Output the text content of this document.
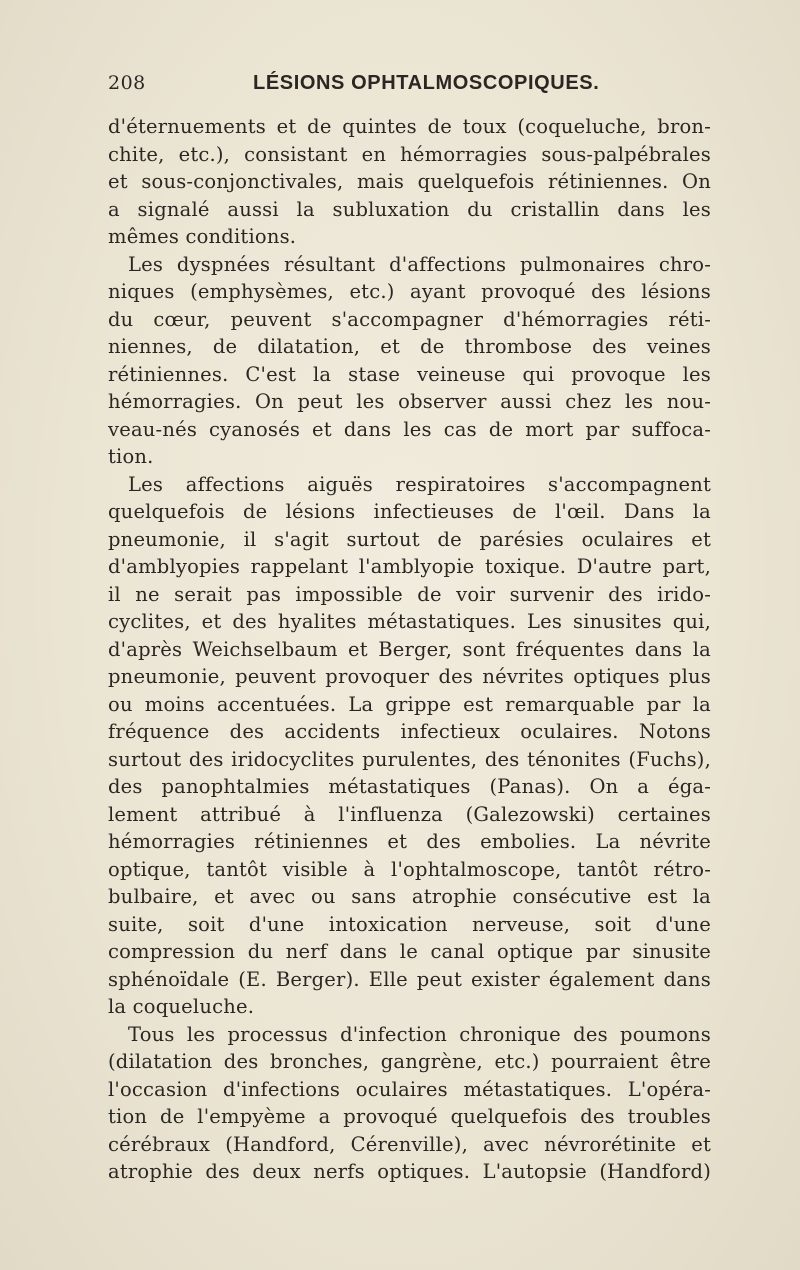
208	LÉSIONS OPHTALMOSCOPIQUES.

d'éternuements et de quintes de toux (coqueluche, bron-
chite, etc.), consistant en hémorragies sous-palpébrales
et sous-conjonctivales, mais quelquefois rétiniennes. On
a signalé aussi la subluxation du cristallin dans les
mêmes conditions.

Les dyspnées résultant d'affections pulmonaires chro-
niques (emphysèmes, etc.) ayant provoqué des lésions
du cœur, peuvent s'accompagner d'hémorragies réti-
niennes, de dilatation, et de thrombose des veines
rétiniennes. C'est la stase veineuse qui provoque les
hémorragies. On peut les observer aussi chez les nou-
veau-nés cyanosés et dans les cas de mort par suffoca-
tion.

Les affections aiguës respiratoires s'accompagnent
quelquefois de lésions infectieuses de l'œil. Dans la
pneumonie, il s'agit surtout de parésies oculaires et
d'amblyopies rappelant l'amblyopie toxique. D'autre part,
il ne serait pas impossible de voir survenir des irido-
cyclites, et des hyalites métastatiques. Les sinusites qui,
d'après Weichselbaum et Berger, sont fréquentes dans la
pneumonie, peuvent provoquer des névrites optiques plus
ou moins accentuées. La grippe est remarquable par la
fréquence des accidents infectieux oculaires. Notons
surtout des iridocyclites purulentes, des ténonites (Fuchs),
des panophtalmies métastatiques (Panas). On a éga-
lement attribué à l'influenza (Galezowski) certaines
hémorragies rétiniennes et des embolies. La névrite
optique, tantôt visible à l'ophtalmoscope, tantôt rétro-
bulbaire, et avec ou sans atrophie consécutive est la
suite, soit d'une intoxication nerveuse, soit d'une
compression du nerf dans le canal optique par sinusite
sphénoïdale (E. Berger). Elle peut exister également dans
la coqueluche.

Tous les processus d'infection chronique des poumons
(dilatation des bronches, gangrène, etc.) pourraient être
l'occasion d'infections oculaires métastatiques. L'opéra-
tion de l'empyème a provoqué quelquefois des troubles
cérébraux (Handford, Cérenville), avec névrorétinite et
atrophie des deux nerfs optiques. L'autopsie (Handford)
